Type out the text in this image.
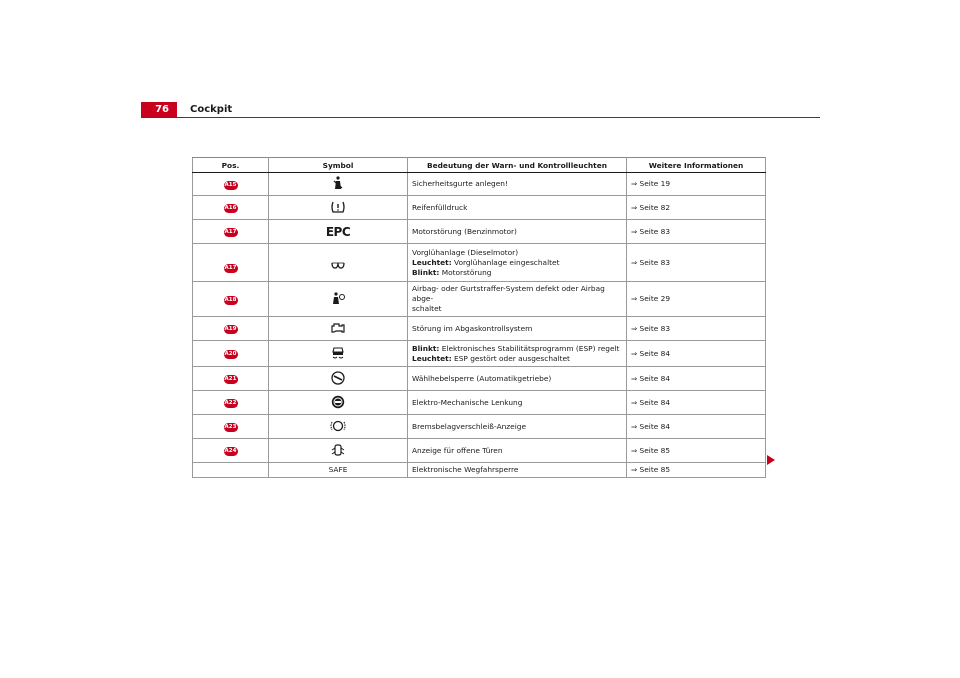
76	Cockpit
Pos.	Symbol	Bedeutung der Warn- und Kontrollleuchten	Weitere Informationen
A15		Sicherheitsgurte anlegen!	⇒ Seite 19
A16		Reifenfülldruck	⇒ Seite 82
A17	EPC	Motorstörung (Benzinmotor)	⇒ Seite 83
A17		Vorglühanlage (Dieselmotor)
Leuchtet: Vorglühanlage eingeschaltet
Blinkt: Motorstörung	⇒ Seite 83
A18		Airbag- oder Gurtstraffer-System defekt oder Airbag abge-
schaltet	⇒ Seite 29
A19		Störung im Abgaskontrollsystem	⇒ Seite 83
A20		Blinkt: Elektronisches Stabilitätsprogramm (ESP) regelt
Leuchtet: ESP gestört oder ausgeschaltet	⇒ Seite 84
A21		Wählhebelsperre (Automatikgetriebe)	⇒ Seite 84
A22		Elektro-Mechanische Lenkung	⇒ Seite 84
A23		Bremsbelagverschleiß-Anzeige	⇒ Seite 84
A24		Anzeige für offene Türen	⇒ Seite 85
	SAFE	Elektronische Wegfahrsperre	⇒ Seite 85
